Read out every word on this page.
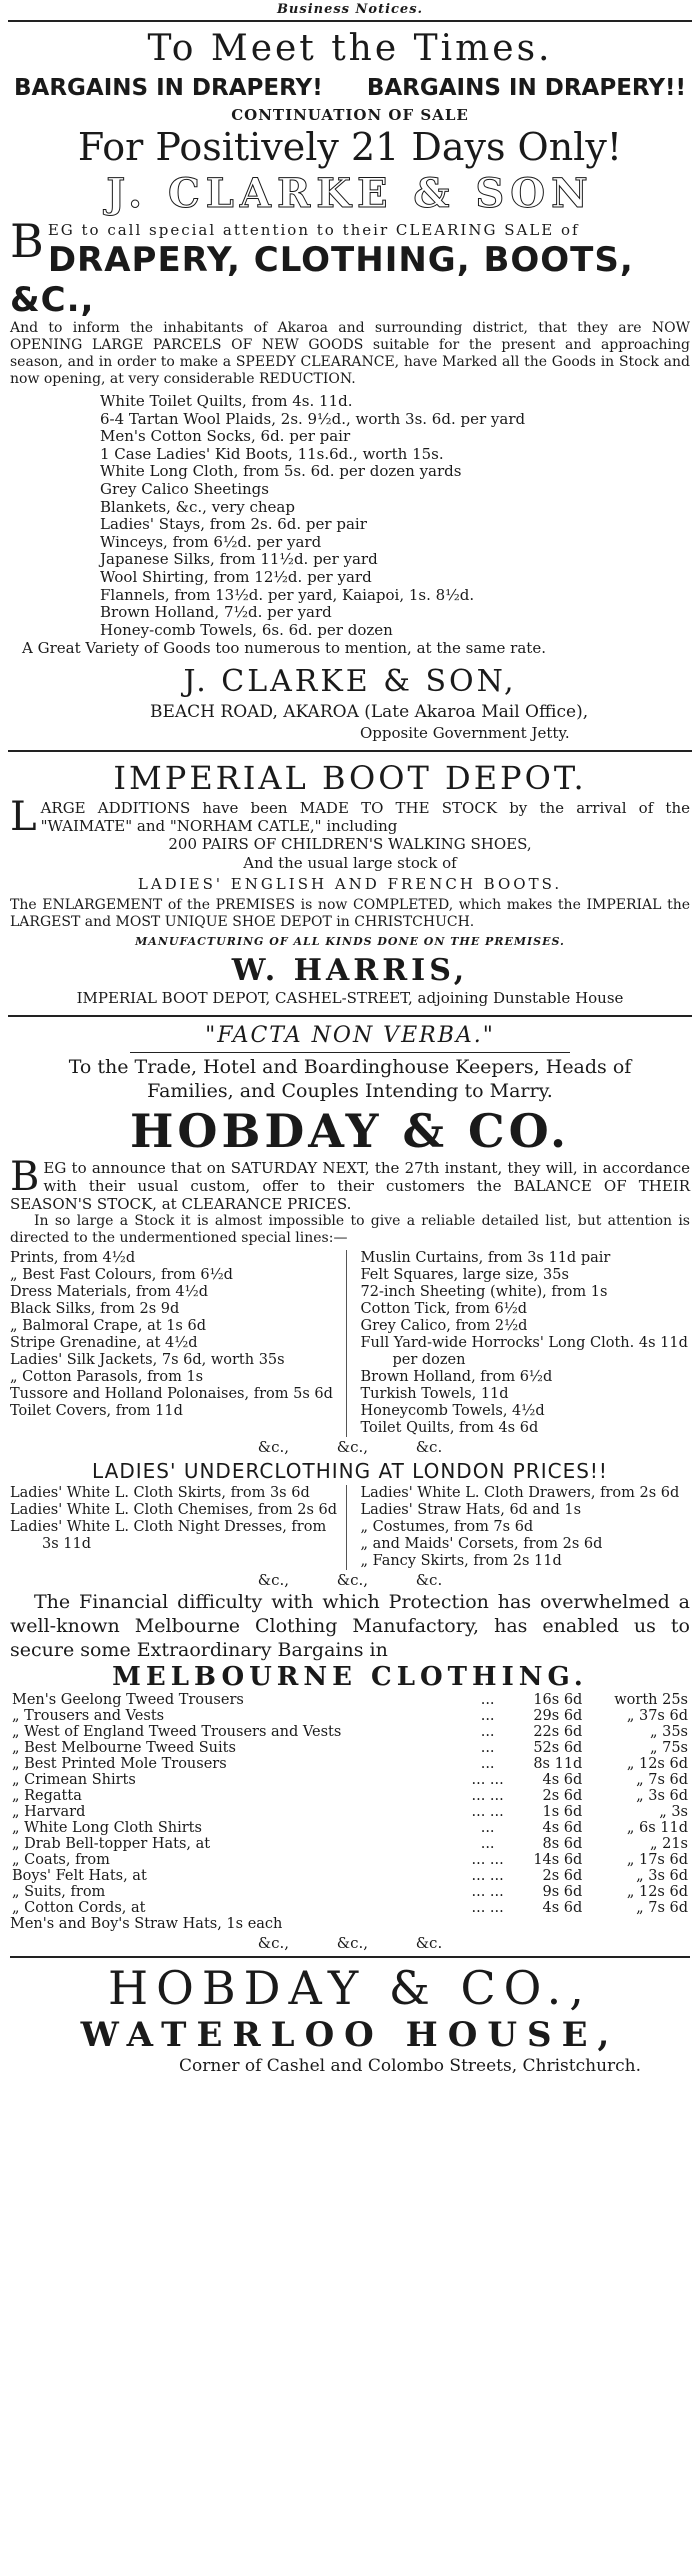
Business Notices.
To Meet the Times.
BARGAINS IN DRAPERY! BARGAINS IN DRAPERY!!
CONTINUATION OF SALE
For Positively 21 Days Only!
J. CLARKE & SON
B EG to call special attention to their CLEARING SALE of
DRAPERY, CLOTHING, BOOTS, &C.,
And to inform the inhabitants of Akaroa and surrounding district, that they are NOW OPENING LARGE PARCELS OF NEW GOODS suitable for the present and approaching season, and in order to make a SPEEDY CLEARANCE, have Marked all the Goods in Stock and now opening, at very considerable REDUCTION.
White Toilet Quilts, from 4s. 11d.
6-4 Tartan Wool Plaids, 2s. 9½d., worth 3s. 6d. per yard
Men's Cotton Socks, 6d. per pair
1 Case Ladies' Kid Boots, 11s.6d., worth 15s.
White Long Cloth, from 5s. 6d. per dozen yards
Grey Calico Sheetings
Blankets, &c., very cheap
Ladies' Stays, from 2s. 6d. per pair
Winceys, from 6½d. per yard
Japanese Silks, from 11½d. per yard
Wool Shirting, from 12½d. per yard
Flannels, from 13½d. per yard, Kaiapoi, 1s. 8½d.
Brown Holland, 7½d. per yard
Honey-comb Towels, 6s. 6d. per dozen
A Great Variety of Goods too numerous to mention, at the same rate.
J. CLARKE & SON,
BEACH ROAD, AKAROA (Late Akaroa Mail Office),
Opposite Government Jetty.
IMPERIAL BOOT DEPOT.
L ARGE ADDITIONS have been MADE TO THE STOCK by the arrival of the "WAIMATE" and "NORHAM CATLE," including
200 PAIRS OF CHILDREN'S WALKING SHOES,
And the usual large stock of
LADIES' ENGLISH AND FRENCH BOOTS.
The ENLARGEMENT of the PREMISES is now COMPLETED, which makes the IMPERIAL the LARGEST and MOST UNIQUE SHOE DEPOT in CHRISTCHUCH.
MANUFACTURING OF ALL KINDS DONE ON THE PREMISES.
W. HARRIS,
IMPERIAL BOOT DEPOT, CASHEL-STREET, adjoining Dunstable House
"FACTA NON VERBA."
To the Trade, Hotel and Boardinghouse Keepers, Heads of Families, and Couples Intending to Marry.
HOBDAY & CO.
B EG to announce that on SATURDAY NEXT, the 27th instant, they will, in accordance with their usual custom, offer to their customers the BALANCE OF THEIR SEASON'S STOCK, at CLEARANCE PRICES.
In so large a Stock it is almost impossible to give a reliable detailed list, but attention is directed to the undermentioned special lines:—
Prints, from 4½d
„ Best Fast Colours, from 6½d
Dress Materials, from 4½d
Black Silks, from 2s 9d
„ Balmoral Crape, at 1s 6d
Stripe Grenadine, at 4½d
Ladies' Silk Jackets, 7s 6d, worth 35s
„ Cotton Parasols, from 1s
Tussore and Holland Polonaises, from 5s 6d
Toilet Covers, from 11d
Muslin Curtains, from 3s 11d pair
Felt Squares, large size, 35s
72-inch Sheeting (white), from 1s
Cotton Tick, from 6½d
Grey Calico, from 2½d
Full Yard-wide Horrocks' Long Cloth. 4s 11d per dozen
Brown Holland, from 6½d
Turkish Towels, 11d
Honeycomb Towels, 4½d
Toilet Quilts, from 4s 6d
&c.,          &c.,          &c.
LADIES' UNDERCLOTHING AT LONDON PRICES!!
Ladies' White L. Cloth Skirts, from 3s 6d
Ladies' White L. Cloth Chemises, from 2s 6d
Ladies' White L. Cloth Night Dresses, from 3s 11d
Ladies' White L. Cloth Drawers, from 2s 6d
Ladies' Straw Hats, 6d and 1s
„ Costumes, from 7s 6d
„ and Maids' Corsets, from 2s 6d
„ Fancy Skirts, from 2s 11d
&c.,          &c.,          &c.
The Financial difficulty with which Protection has overwhelmed a well-known Melbourne Clothing Manufactory, has enabled us to secure some Extraordinary Bargains in
MELBOURNE CLOTHING.
Men's Geelong Tweed Trousers	...	16s 6d	worth 25s
„ Trousers and Vests	...	29s 6d	„ 37s 6d
„ West of England Tweed Trousers and Vests	...	22s 6d	„ 35s
„ Best Melbourne Tweed Suits	...	52s 6d	„ 75s
„ Best Printed Mole Trousers	...	8s 11d	„ 12s 6d
„ Crimean Shirts	... ...	4s 6d	„ 7s 6d
„ Regatta	... ...	2s 6d	„ 3s 6d
„ Harvard	... ...	1s 6d	„ 3s
„ White Long Cloth Shirts	...	4s 6d	„ 6s 11d
„ Drab Bell-topper Hats, at	...	8s 6d	„ 21s
„ Coats, from	... ...	14s 6d	„ 17s 6d
Boys' Felt Hats, at	... ...	2s 6d	„ 3s 6d
„ Suits, from	... ...	9s 6d	„ 12s 6d
„ Cotton Cords, at	... ...	4s 6d	„ 7s 6d
Men's and Boy's Straw Hats, 1s each
&c.,          &c.,          &c.
HOBDAY & CO.,
WATERLOO HOUSE,
Corner of Cashel and Colombo Streets, Christchurch.
